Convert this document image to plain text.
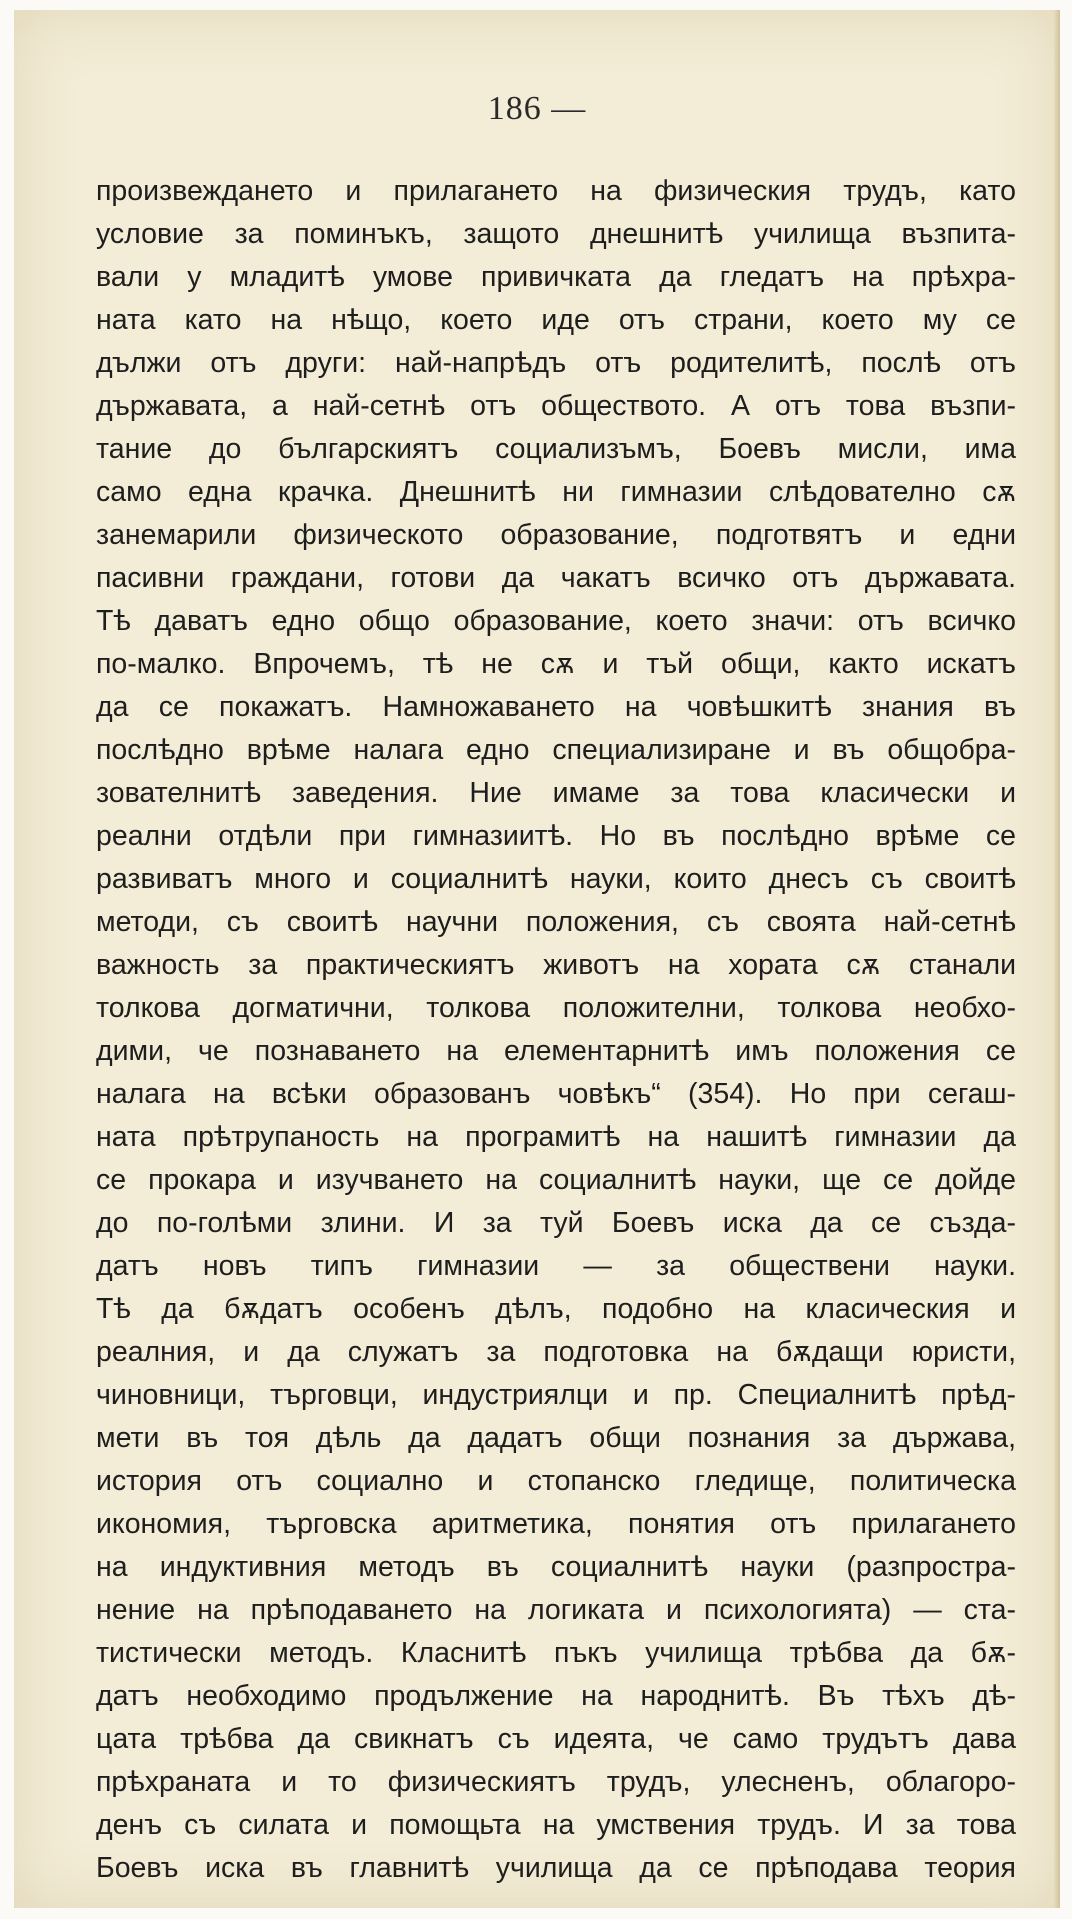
186 —
произвеждането и прилагането на физическия трудъ, като
условие за поминъкъ, защото днешнитѣ училища възпита-
вали у младитѣ умове привичката да гледатъ на прѣхра-
ната като на нѣщо, което иде отъ страни, което му се
дължи отъ други: най-напрѣдъ отъ родителитѣ, послѣ отъ
държавата, а най-сетнѣ отъ обществото. А отъ това възпи-
тание до българскиятъ социализъмъ, Боевъ мисли, има
само една крачка. Днешнитѣ ни гимназии слѣдователно сѫ
занемарили физическото образование, подготвятъ и едни
пасивни граждани, готови да чакатъ всичко отъ държавата.
Тѣ даватъ едно общо образование, което значи: отъ всичко
по-малко. Впрочемъ, тѣ не сѫ и тъй общи, както искатъ
да се покажатъ. Намножаването на човѣшкитѣ знания въ
послѣдно врѣме налага едно специализиране и въ общобра-
зователнитѣ заведения. Ние имаме за това класически и
реални отдѣли при гимназиитѣ. Но въ послѣдно врѣме се
развиватъ много и социалнитѣ науки, които днесъ съ своитѣ
методи, съ своитѣ научни положения, съ своята най-сетнѣ
важность за практическиятъ животъ на хората сѫ станали
толкова догматични, толкова положителни, толкова необхо-
дими, че познаването на елементарнитѣ имъ положения се
налага на всѣки образованъ човѣкъ“ (354). Но при сегаш-
ната прѣтрупаность на програмитѣ на нашитѣ гимназии да
се прокара и изучването на социалнитѣ науки, ще се дойде
до по-голѣми злини. И за туй Боевъ иска да се създа-
датъ новъ типъ гимназии — за обществени науки.
Тѣ да бѫдатъ особенъ дѣлъ, подобно на класическия и
реалния, и да служатъ за подготовка на бѫдащи юристи,
чиновници, търговци, индустриялци и пр. Специалнитѣ прѣд-
мети въ тоя дѣль да дадатъ общи познания за държава,
история отъ социално и стопанско гледище, политическа
икономия, търговска аритметика, понятия отъ прилагането
на индуктивния методъ въ социалнитѣ науки (разпростра-
нение на прѣподаването на логиката и психологията) — ста-
тистически методъ. Класнитѣ пъкъ училища трѣбва да бѫ-
датъ необходимо продължение на народнитѣ. Въ тѣхъ дѣ-
цата трѣбва да свикнатъ съ идеята, че само трудътъ дава
прѣхраната и то физическиятъ трудъ, улесненъ, облагоро-
денъ съ силата и помощьта на умствения трудъ. И за това
Боевъ иска въ главнитѣ училища да се прѣподава теория
